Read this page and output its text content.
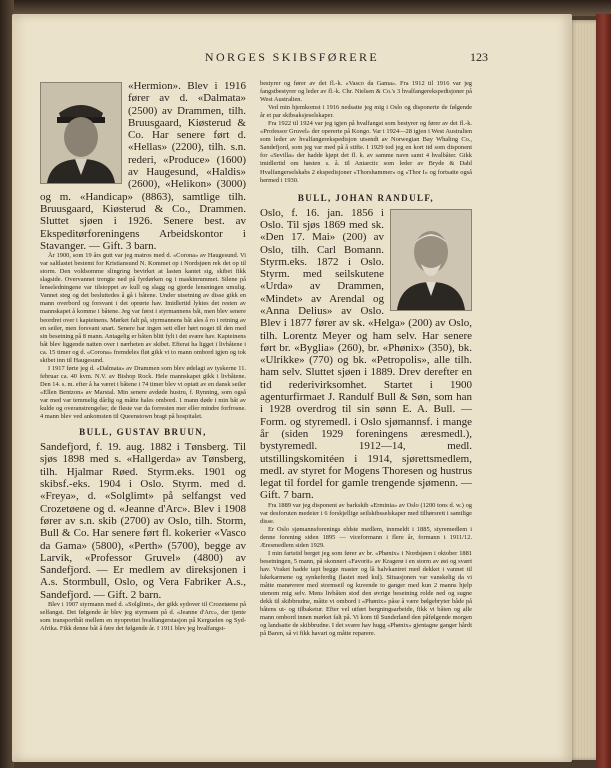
NORGES SKIBSFØRERE	123

«Hermion». Blev i 1916 fører av d. «Dalmata» (2500) av Drammen, tilh. Bruusgaard, Kiøsterud & Co. Har senere ført d. «Hellas» (2200), tilh. s.n. rederi, «Produce» (1600) av Haugesund, «Haldis» (2600), «Helikon» (3000) og m. «Handicap» (8863), samtlige tilh. Bruusgaard, Kiøsterud & Co., Drammen. Sluttet sjøen i 1926. Senere best. av Ekspeditørforeningens Arbeidskontor i Stavanger. — Gift. 3 barn.

År 1900, som 19 års gutt var jeg matros med d. «Corona» av Haugesund. Vi var saltlastet bestemt for Kristiansund N. Kommet op i Nordsjøen rek det op til storm. Den voldsomme slingring bevirket at lasten kantet sig, skibet fikk slagside. Overvannet trengte ned på fyrdørken og i maskinrummet. Silene på lenseledningene var tilstoppet av kull og slagg og gjorde lensningen umulig. Vannet steg og det besluttedes å gå i båtene. Under utsetning av disse gikk en mann overbord og forsvant i det oprørte hav. Imidlertid lyktes det resten av mannskapet å komme i båtene. Jeg var først i styrmannens båt, men blev senere beordret over i kapteinens. Mørket falt på, styrmannens båt ales å ro i retning av en seiler, men forsvant snart. Senere har ingen sett eller hørt noget til den med sin besetning på 8 mann. Antagelig er båten blitt fylt i det svære hav. Kapteinens båt blev liggende natten over i nærheten av skibet. Efterat ha ligget i livbåtene i ca. 15 timer og d. «Corona» fremdeles fløt gikk vi to mann ombord igjen og tok skibet inn til Haugesund.

I 1917 førte jeg d. «Dalmata» av Drammen som blev ødelagt av tyskerne 11. februar ca. 40 kvm. N.V. av Bishop Rock. Hele mannskapet gikk i livbåtene. Den 14. s. m. efter å ha været i båtene i 74 timer blev vi optatt av en dansk seiler «Ellen Bentzon» av Marstal. Min senere avdøde hustru, f. Rynning, som også var med var temmelig dårlig og måtte hales ombord. 1 mann døde i min båt av kulde og overanstrengelse; de fleste var da forresten mer eller mindre forfrosne. 4 mann blev ved ankomsten til Queenstown bragt på hospitalet.

BULL, GUSTAV BRUUN,

Sandefjord, f. 19. aug. 1882 i Tønsberg. Til sjøs 1898 med s. «Hallgerda» av Tønsberg, tilh. Hjalmar Røed. Styrm.eks. 1901 og skibsf.-eks. 1904 i Oslo. Styrm. med d. «Freya», d. «Solglimt» på selfangst ved Crozetøene og d. «Jeanne d'Arc». Blev i 1908 fører av s.n. skib (2700) av Oslo, tilh. Storm, Bull & Co. Har senere ført fl. kokerier «Vasco da Gama» (5800), «Perth» (5700), begge av Larvik, «Professor Gruvel» (4800) av Sandefjord. — Er medlem av direksjonen i A.s. Stormbull, Oslo, og Vera Fabriker A.s., Sandefjord. — Gift. 2 barn.

Blev i 1907 styrmann med d. «Solglimt», der gikk sydover til Crozetøene på selfangst. Det følgende år blev jeg styrmann på d. «Jeanne d'Arc», der tjente som transportbåt mellem en nyoprettet hvalfangerstasjon på Kerguelen og Syd-Afrika. Fikk denne båt å føre det følgende år. I 1911 blev jeg hvalfangst-

bestyrer og fører av det fl.-k. «Vasco da Gama». Fra 1912 til 1916 var jeg fangstbestyrer og leder av fl.-k. Chr. Nielsen & Co.'s 3 hvalfangerekspedisjoner på West Australien.

Ved min hjemkomst i 1916 nedsatte jeg mig i Oslo og disponerte de følgende år et par skibsaksjeselskaper.

Fra 1922 til 1924 var jeg igjen på hvalfangst som bestyrer og fører av det fl.-k. «Professor Gruvel» der opererte på Kongo. Var i 1924—28 igjen i West Australien som leder av hvalfangerekspedisjon utsendt av Norwegian Bay Whaling Co., Sandefjord, som jeg var med på å stifte. I 1929 tod jeg en kort tid som disponent for «Sevilla» der hadde kjøpt det fl. k. av samme navn samt 4 hvalbåter. Gikk imidlertid om høsten s. å. til Antarctic som leder av Bryde & Dahl Hvalfangerselskabs 2 ekspedisjoner «Thorshammer» og «Thor I» og fortsatte også hermed i 1930.

BULL, JOHAN RANDULF,

Oslo, f. 16. jan. 1856 i Oslo. Til sjøs 1869 med sk. «Den 17. Mai» (200) av Oslo, tilh. Carl Bomann. Styrm.eks. 1872 i Oslo. Styrm. med seilskutene «Urda» av Drammen, «Mindet» av Arendal og «Anna Delius» av Oslo. Blev i 1877 fører av sk. «Helga» (200) av Oslo, tilh. Lorentz Meyer og ham selv. Har senere ført br. «Byglia» (260), br. «Phønix» (350), bk. «Ulrikke» (770) og bk. «Petropolis», alle tilh. ham selv. Sluttet sjøen i 1889. Drev derefter en tid rederivirksomhet. Startet i 1900 agenturfirmaet J. Randulf Bull & Søn, som han i 1928 overdrog til sin sønn E. A. Bull. — Form. og styremedl. i Oslo sjømannsf. i mange år (siden 1929 foreningens æresmedl.), bystyremedl. 1912—14, medl. utstillingskomitéen i 1914, sjørettsmedlem, medl. av styret for Mogens Thoresen og hustrus legat til fordel for gamle trengende sjømenn. — Gift. 7 barn.

Fra 1889 var jeg disponent av barkskib «Erminia» av Oslo (1200 tons d. w.) og var desforuten medeier i 6 forskjellige seilskibsselskaper med tilhørsrett i samtlige disse.

Er Oslo sjømannsforenings eldste medlem, innmeldt i 1885, styremedlem i denne forening siden 1895 — viceformann i flere år, formann i 1911/12. Æresmedlem siden 1929.

I min fartstid berget jeg som fører av br. «Phønix» i Nordsjøen i oktober 1881 besetningen, 5 mann, på skonnert «Favorit» av Kragerø i en storm av øst og svært hav. Vraket hadde tapt begge master og lå halvkantret med dekket i vannet til lukekarmene og synkeferdig (lastet med kul). Situasjonen var vanskelig da vi måtte manøvrere med stormseil og kuvende to ganger med kun 2 manns hjelp utenom mig selv. Mens livbåten stod den øvrige besetning rolde ned og sugne dekk til skibbrudne, måtte vi ombord i «Phønix» påse å være bølgebryter både på båtens ut- og tilbaketur. Efter vel utført bergningsarbeide, fikk vi båten og alle mann ombord innen mørket falt på. Vi kom til Sunderland den påfølgende morgen og landsatte de skibbrudne. I det svære hav hugg «Phønix» gjentagne ganger hårdt på Baren, så vi fikk havari og måtte reparere.
